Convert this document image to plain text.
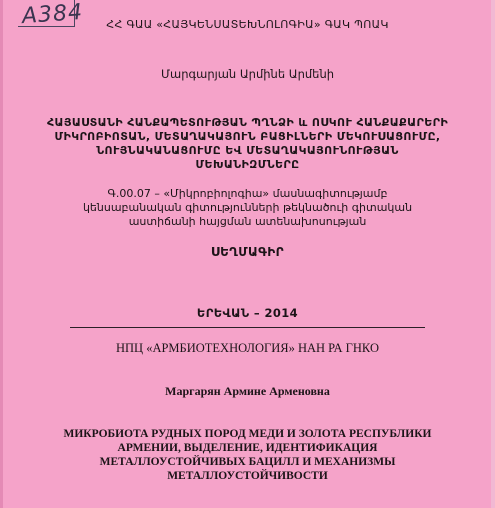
A384	ՀՀ ԳԱԱ «ՀԱՅԿԵՆՍԱՏԵԽՆՈԼՈԳԻԱ» ԳԱԿ ՊՈԱԿ
Մարգարյան Արմինե Արմենի
ՀԱՅԱՍՏԱՆԻ ՀԱՆՔԱՊԵՏՈՒԹՅԱՆ ՊՂՆՁԻ և ՈՍԿՈՒ ՀԱՆՔԱՔԱՐԵՐԻ
ՄԻԿՐՈԲԻՈՏԱՆ, ՄԵՏԱՂԱԿԱՅՈՒՆ ԲԱՑԻԼՆԵՐԻ ՄԵԿՈՒՍԱՑՈՒՄԸ,
ՆՈՒՅՆԱԿԱՆԱՑՈՒՄԸ ԵՎ ՄԵՏԱՂԱԿԱՅՈՒՆՈՒԹՅԱՆ
ՄԵԽԱՆԻԶՄՆԵՐԸ
Գ.00.07 – «Միկրոբիոլոգիա» մասնագիտությամբ
կենսաբանական գիտությունների թեկնածուի գիտական
աստիճանի հայցման ատենախոսության
ՍԵՂՄԱԳԻՐ
ԵՐԵՎԱՆ – 2014
НПЦ «АРМБИОТЕХНОЛОГИЯ» НАН РА ГНКО
Маргарян Армине Арменовна
МИКРОБИОТА РУДНЫХ ПОРОД МЕДИ И ЗОЛОТА РЕСПУБЛИКИ
АРМЕНИИ, ВЫДЕЛЕНИЕ, ИДЕНТИФИКАЦИЯ
МЕТАЛЛОУСТОЙЧИВЫХ БАЦИЛЛ И МЕХАНИЗМЫ
МЕТАЛЛОУСТОЙЧИВОСТИ
